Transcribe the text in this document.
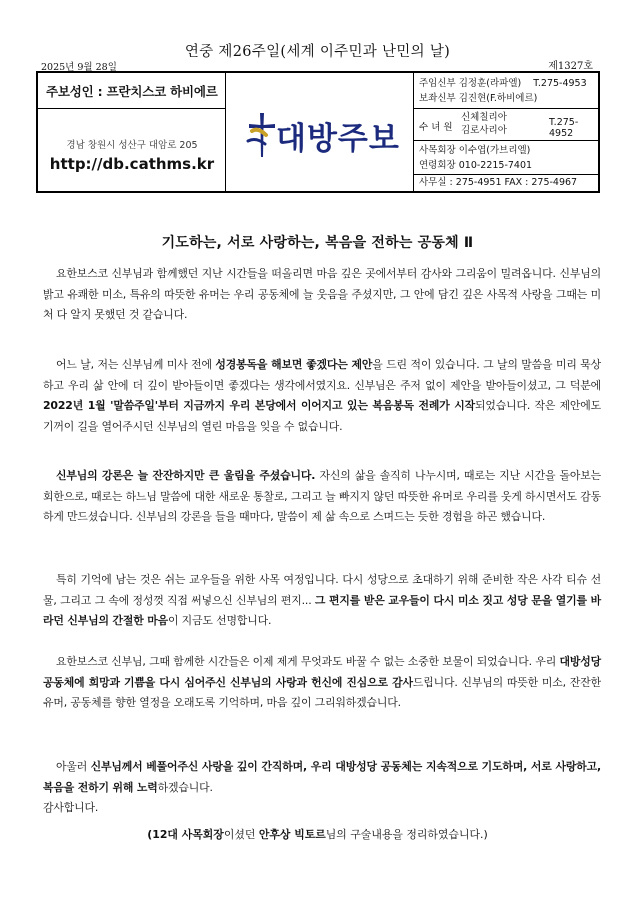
연중 제26주일(세계 이주민과 난민의 날)
2025년 9월 28일	제1327호
주보성인 : 프란치스코 하비에르
경남 창원시 성산구 대암로 205
http://db.cathms.kr
대방주보
주임신부 김정훈(라파엘) T.275-4953
보좌신부 김진현(F.하비에르)
수 녀 원
신체칠리아
김로사리아
T.275-4952
사목회장 이수엽(가브리엘)
연령회장 010-2215-7401
사무실 : 275-4951 FAX : 275-4967
기도하는, 서로 사랑하는, 복음을 전하는 공동체 Ⅱ
요한보스코 신부님과 함께했던 지난 시간들을 떠올리면 마음 깊은 곳에서부터 감사와 그리움이 밀려옵니다. 신부님의 밝고 유쾌한 미소, 특유의 따뜻한 유머는 우리 공동체에 늘 웃음을 주셨지만, 그 안에 담긴 깊은 사목적 사랑을 그때는 미처 다 알지 못했던 것 같습니다.
어느 날, 저는 신부님께 미사 전에 성경봉독을 해보면 좋겠다는 제안을 드린 적이 있습니다. 그 날의 말씀을 미리 묵상하고 우리 삶 안에 더 깊이 받아들이면 좋겠다는 생각에서였지요. 신부님은 주저 없이 제안을 받아들이셨고, 그 덕분에 2022년 1월 '말씀주일'부터 지금까지 우리 본당에서 이어지고 있는 복음봉독 전례가 시작되었습니다. 작은 제안에도 기꺼이 길을 열어주시던 신부님의 열린 마음을 잊을 수 없습니다.
신부님의 강론은 늘 잔잔하지만 큰 울림을 주셨습니다. 자신의 삶을 솔직히 나누시며, 때로는 지난 시간을 돌아보는 회한으로, 때로는 하느님 말씀에 대한 새로운 통찰로, 그리고 늘 빠지지 않던 따뜻한 유머로 우리를 웃게 하시면서도 감동하게 만드셨습니다. 신부님의 강론을 들을 때마다, 말씀이 제 삶 속으로 스며드는 듯한 경험을 하곤 했습니다.
특히 기억에 남는 것은 쉬는 교우들을 위한 사목 여정입니다. 다시 성당으로 초대하기 위해 준비한 작은 사각 티슈 선물, 그리고 그 속에 정성껏 직접 써넣으신 신부님의 편지... 그 편지를 받은 교우들이 다시 미소 짓고 성당 문을 열기를 바라던 신부님의 간절한 마음이 지금도 선명합니다.
요한보스코 신부님, 그때 함께한 시간들은 이제 제게 무엇과도 바꿀 수 없는 소중한 보물이 되었습니다. 우리 대방성당 공동체에 희망과 기쁨을 다시 심어주신 신부님의 사랑과 헌신에 진심으로 감사드립니다. 신부님의 따뜻한 미소, 잔잔한 유머, 공동체를 향한 열정을 오래도록 기억하며, 마음 깊이 그리워하겠습니다.
아울러 신부님께서 베풀어주신 사랑을 깊이 간직하며, 우리 대방성당 공동체는 지속적으로 기도하며, 서로 사랑하고, 복음을 전하기 위해 노력하겠습니다.
감사합니다.
(12대 사목회장이셨던 안후상 빅토르님의 구술내용을 정리하였습니다.)
